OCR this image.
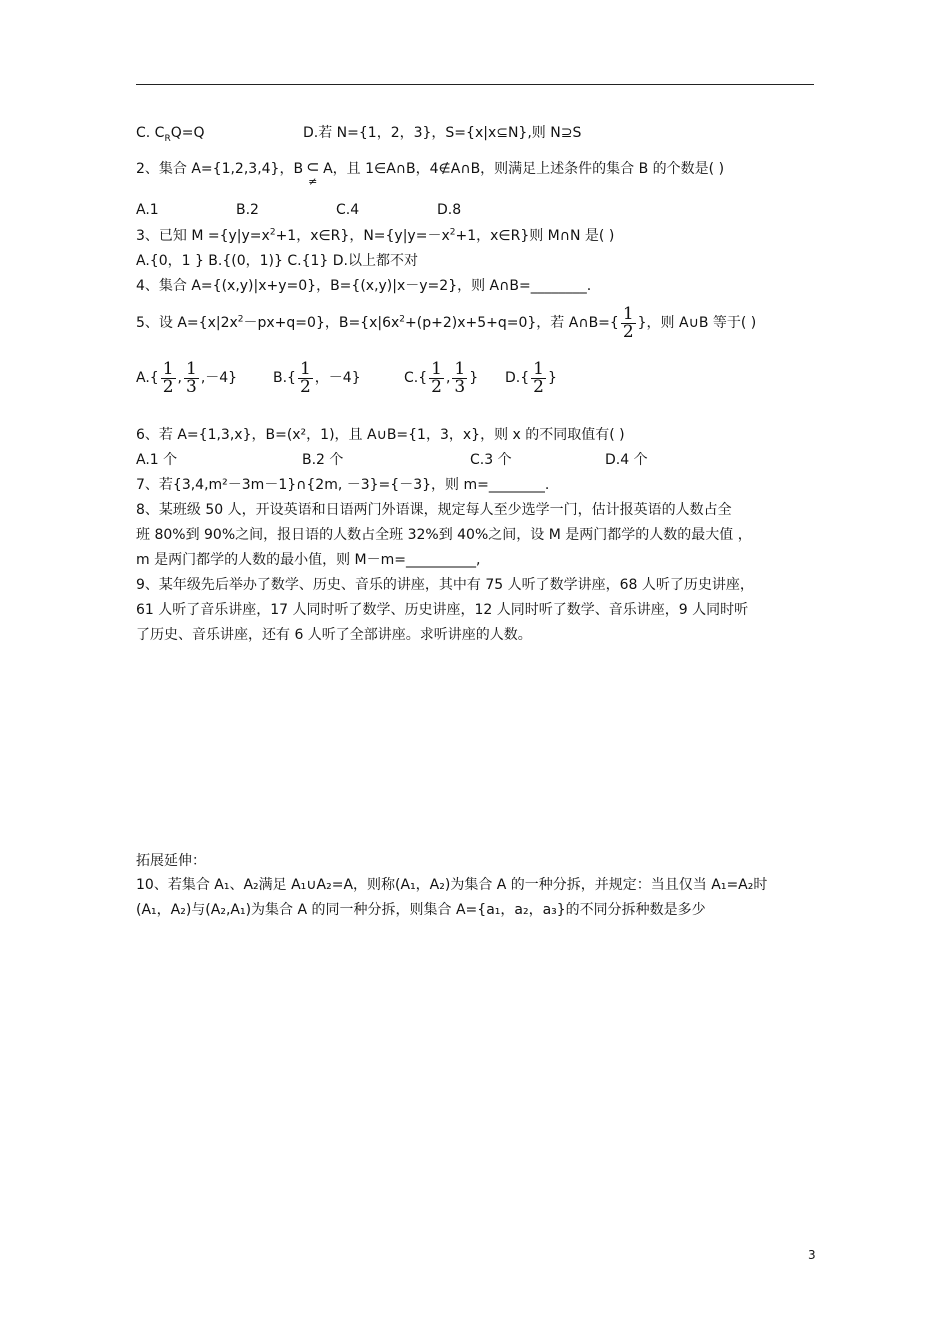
C. $C_RQ=Q$	D.若 N={1，2，3}，S={x|x⊆N},则 N⊇S
2、集合 A={1,2,3,4}，B ⊂
≠
A，且 1∈A∩B，4∉A∩B，则满足上述条件的集合 B 的个数是( )
A.1	B.2	C.4	D.8
3、已知 $M =\{y|y=x^2+1$，x∈R}，$N=\{y|y=-x^2+1$，x∈R}则 M∩N 是( )
A.{0，1 } B.{(0，1)} C.{1} D.以上都不对
4、集合 A={(x,y)|x+y=0}，B={(x,y)|x－y=2}，则 A∩B=________.
5、设 $A=\{x|2x^2-px+q=0\}$，$B=\{x|6x^2+(p+2)x+5+q=0\}$，若 A∩B={ $\frac{1}{2}$ }，则 A∪B 等于( )
$A.\{ \frac{1}{2}$ , $\frac{1}{3} ,-4$}	$B.\{ \frac{1}{2}$ ，－4}	$C.\{ \frac{1}{2}$ , $\frac{1}{3}$ } $D.\{ \frac{1}{2}$ }
6、若 A={1,3,x}，B=(x²，1)，且 A∪B={1，3，x}，则 x 的不同取值有( )
A.1 个	B.2 个	C.3 个	D.4 个
7、若{3,4,m²－3m－1}∩{2m, －3}={－3}，则 m=________.
8、某班级 50 人，开设英语和日语两门外语课，规定每人至少选学一门，估计报英语的人数占全
班 80%到 90%之间，报日语的人数占全班 32%到 40%之间，设 M 是两门都学的人数的最大值 ，
m 是两门都学的人数的最小值，则 M－m=__________,
9、某年级先后举办了数学、历史、音乐的讲座，其中有 75 人听了数学讲座，68 人听了历史讲座，
61 人听了音乐讲座，17 人同时听了数学、历史讲座，12 人同时听了数学、音乐讲座，9 人同时听
了历史、音乐讲座，还有 6 人听了全部讲座。求听讲座的人数。
拓展延伸：
10、若集合 A₁、A₂满足 A₁∪A₂=A，则称(A₁，A₂)为集合 A 的一种分拆，并规定：当且仅当 A₁=A₂时
(A₁，A₂)与(A₂,A₁)为集合 A 的同一种分拆，则集合 A={a₁，a₂，a₃}的不同分拆种数是多少
3
